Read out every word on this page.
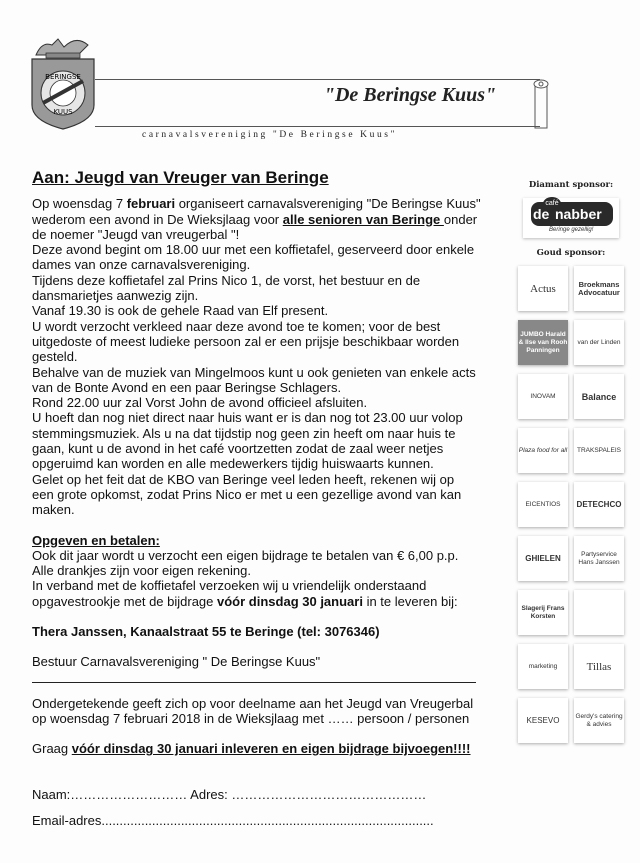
BERINGSE
KUUS
"De Beringse Kuus"
carnavalsvereniging "De Beringse Kuus"
Aan: Jeugd van Vreuger van Beringe

Op woensdag 7 februari organiseert carnavalsvereniging "De Beringse Kuus"

wederom een avond in De Wieksjlaag voor alle senioren van Beringe onder

de noemer "Jeugd van vreugerbal "!

Deze avond begint om 18.00 uur met een koffietafel, geserveerd door enkele

dames van onze carnavalsvereniging.

Tijdens deze koffietafel zal Prins Nico 1, de vorst, het bestuur en de

dansmarietjes aanwezig zijn.

Vanaf 19.30 is ook de gehele Raad van Elf present.

U wordt verzocht verkleed naar deze avond toe te komen; voor de best

uitgedoste of meest ludieke persoon zal er een prijsje beschikbaar worden

gesteld.

Behalve van de muziek van Mingelmoos kunt u ook genieten van enkele acts

van de Bonte Avond en een paar Beringse Schlagers.

Rond 22.00 uur zal Vorst John de avond officieel afsluiten.

U hoeft dan nog niet direct naar huis want er is dan nog tot 23.00 uur volop

stemmingsmuziek. Als u na dat tijdstip nog geen zin heeft om naar huis te

gaan, kunt u de avond in het café voortzetten zodat de zaal weer netjes

opgeruimd kan worden en alle medewerkers tijdig huiswaarts kunnen.

Gelet op het feit dat de KBO van Beringe veel leden heeft, rekenen wij op

een grote opkomst, zodat Prins Nico er met u een gezellige avond van kan

maken.

Opgeven en betalen:

Ook dit jaar wordt u verzocht een eigen bijdrage te betalen van € 6,00 p.p.

Alle drankjes zijn voor eigen rekening.

In verband met de koffietafel verzoeken wij u vriendelijk onderstaand

opgavestrookje met de bijdrage vóór dinsdag 30 januari in te leveren bij:

Thera Janssen, Kanaalstraat 55 te Beringe (tel: 3076346)

Bestuur Carnavalsvereniging " De Beringse Kuus"

Ondergetekende geeft zich op voor deelname aan het Jeugd van Vreugerbal

op woensdag 7 februari 2018 in de Wieksjlaag met …… persoon / personen

Graag vóór dinsdag 30 januari inleveren en eigen bijdrage bijvoegen!!!!

Naam:……………………… Adres: ………………………………………

Email-adres............................................................................................

Diamant sponsor:
café
de nabber
Beringe gezellig!
Goud sponsor:
Actus	Broekmans Advocatuur
JUMBO Harald & Ilse van Rooh Panningen
van der Linden
INOVAM	Balance
Plaza food for all TRAKSPALEIS
EICENTIOS DETECHCO
GHIELEN	Partyservice Hans Janssen
Slagerij Frans Korsten
marketing	Tillas
KESEVO Gerdy's catering & advies
